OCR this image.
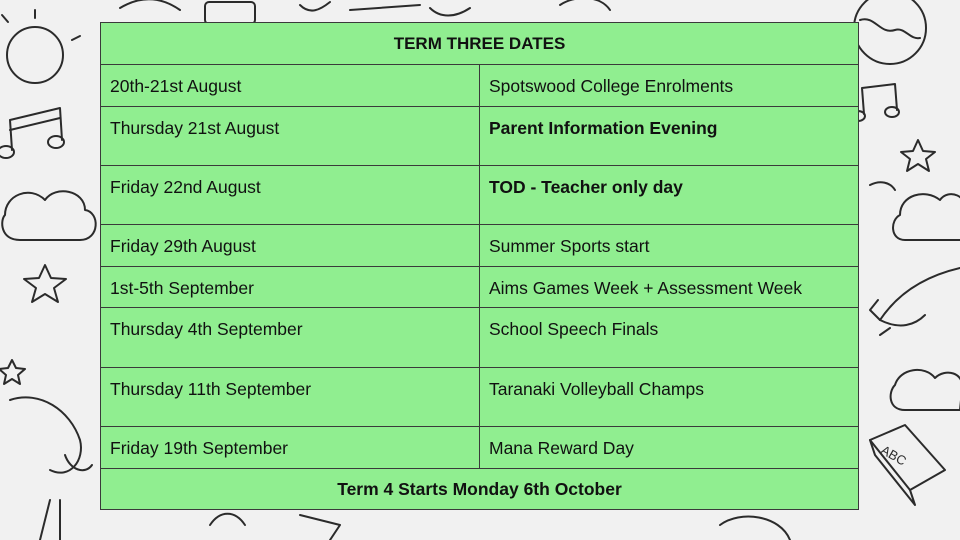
ABC
TERM THREE DATES	

20th-21st August	Spotswood College Enrolments

Thursday 21st August	Parent Information Evening

Friday 22nd August	TOD - Teacher only day

Friday 29th August	Summer Sports start

1st-5th September	Aims Games Week + Assessment Week

Thursday 4th September	School Speech Finals

Thursday 11th September	Taranaki Volleyball Champs

Friday 19th September	Mana Reward Day

Term 4 Starts Monday 6th October	
